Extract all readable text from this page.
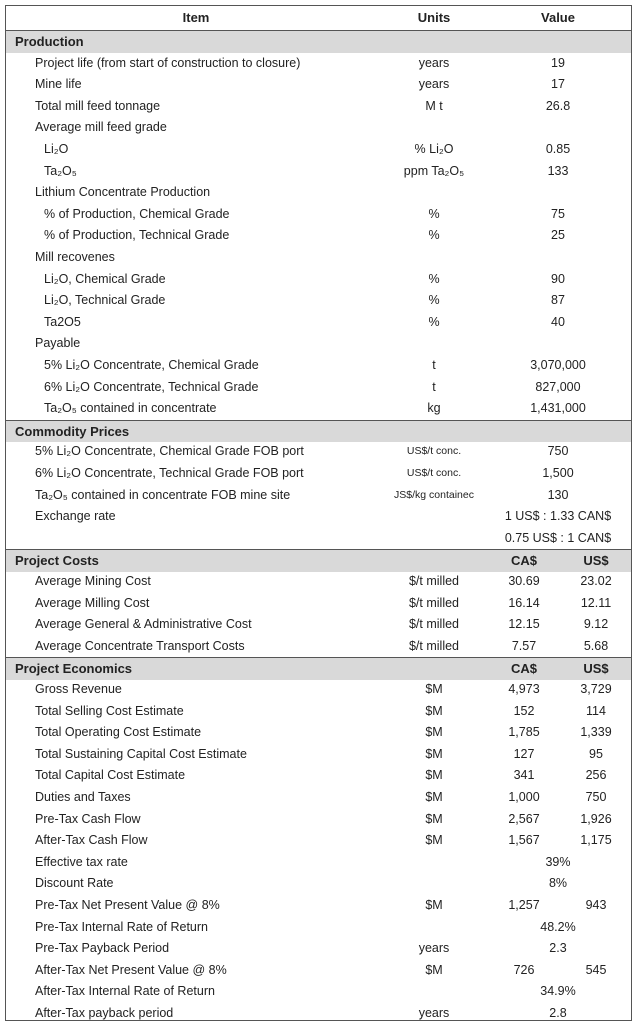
Item	Units	Value
Production
Project life (from start of construction to closure)	years	19
Mine life	years	17
Total mill feed tonnage	M t	26.8
Average mill feed grade
Li₂O	% Li₂O	0.85
Ta₂O₅	ppm Ta₂O₅	133
Lithium Concentrate Production
% of Production, Chemical Grade	%	75
% of Production, Technical Grade	%	25
Mill recovenes
Li₂O, Chemical Grade	%	90
Li₂O, Technical Grade	%	87
Ta2O5	%	40
Payable
5% Li₂O Concentrate, Chemical Grade	t	3,070,000
6% Li₂O Concentrate, Technical Grade	t	827,000
Ta₂O₅ contained in concentrate	kg	1,431,000
Commodity Prices
5% Li₂O Concentrate, Chemical Grade FOB port	US$/t conc.	750
6% Li₂O Concentrate, Technical Grade FOB port	US$/t conc.	1,500
Ta₂O₅ contained in concentrate FOB mine site	JS$/kg containec	130
Exchange rate	1 US$ : 1.33 CAN$
0.75 US$ : 1 CAN$
Project Costs	CA$	US$
Average Mining Cost	$/t milled	30.69	23.02
Average Milling Cost	$/t milled	16.14	12.11
Average General & Administrative Cost	$/t milled	12.15	9.12
Average Concentrate Transport Costs	$/t milled	7.57	5.68
Project Economics	CA$	US$
Gross Revenue	$M	4,973	3,729
Total Selling Cost Estimate	$M	152	114
Total Operating Cost Estimate	$M	1,785	1,339
Total Sustaining Capital Cost Estimate	$M	127	95
Total Capital Cost Estimate	$M	341	256
Duties and Taxes	$M	1,000	750
Pre-Tax Cash Flow	$M	2,567	1,926
After-Tax Cash Flow	$M	1,567	1,175
Effective tax rate	39%
Discount Rate	8%
Pre-Tax Net Present Value @ 8%	$M	1,257	943
Pre-Tax Internal Rate of Return	48.2%
Pre-Tax Payback Period	years	2.3
After-Tax Net Present Value @ 8%	$M	726	545
After-Tax Internal Rate of Return	34.9%
After-Tax payback period	years	2.8
